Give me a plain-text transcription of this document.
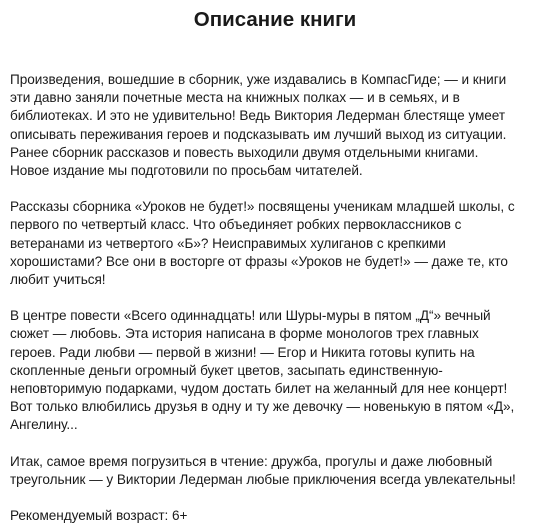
Описание книги

Произведения, вошедшие в сборник, уже издавались в КомпасГиде; — и книги
эти давно заняли почетные места на книжных полках — и в семьях, и в
библиотеках. И это не удивительно! Ведь Виктория Ледерман блестяще умеет
описывать переживания героев и подсказывать им лучший выход из ситуации.
Ранее сборник рассказов и повесть выходили двумя отдельными книгами.
Новое издание мы подготовили по просьбам читателей.

Рассказы сборника «Уроков не будет!» посвящены ученикам младшей школы, с
первого по четвертый класс. Что объединяет робких первоклассников с
ветеранами из четвертого «Б»? Неисправимых хулиганов с крепкими
хорошистами? Все они в восторге от фразы «Уроков не будет!» — даже те, кто
любит учиться!

В центре повести «Всего одиннадцать! или Шуры-муры в пятом „Д“» вечный
сюжет — любовь. Эта история написана в форме монологов трех главных
героев. Ради любви — первой в жизни! — Егор и Никита готовы купить на
скопленные деньги огромный букет цветов, засыпать единственную-
неповторимую подарками, чудом достать билет на желанный для нее концерт!
Вот только влюбились друзья в одну и ту же девочку — новенькую в пятом «Д»,
Ангелину...

Итак, самое время погрузиться в чтение: дружба, прогулы и даже любовный
треугольник — у Виктории Ледерман любые приключения всегда увлекательны!

Рекомендуемый возраст: 6+
